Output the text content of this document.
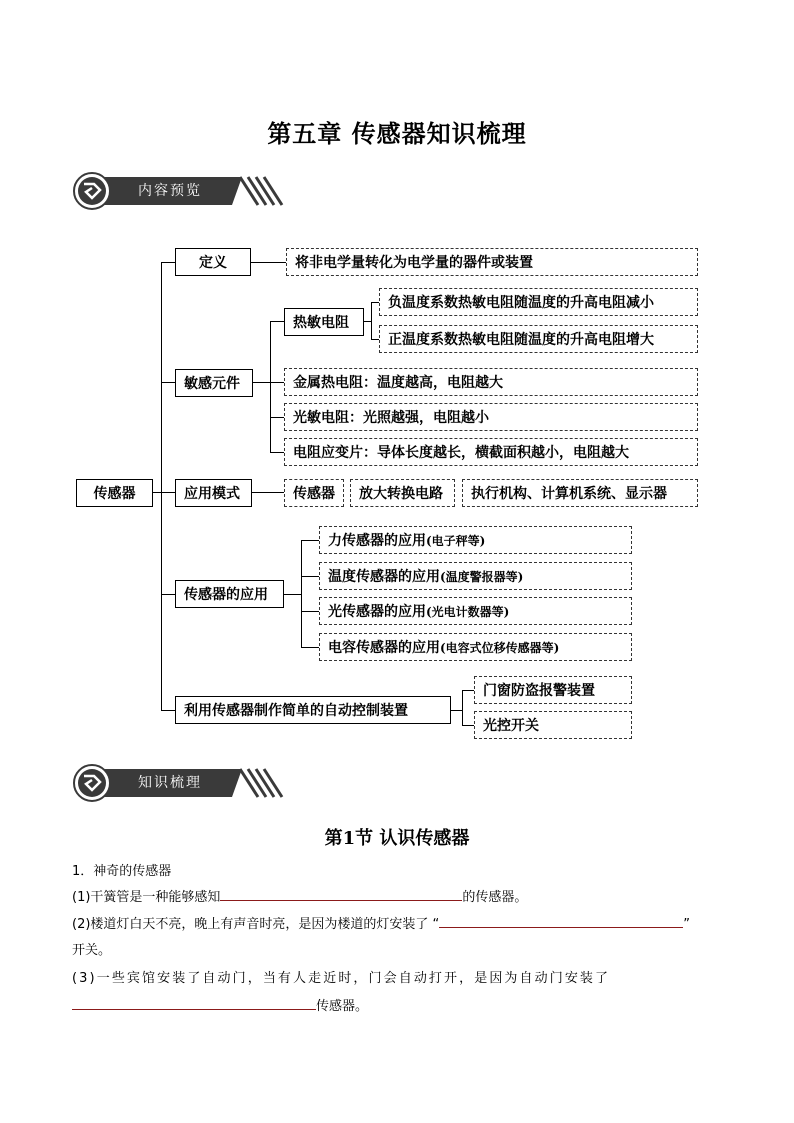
第五章 传感器知识梳理
内容预览
传感器
定义	将非电学量转化为电学量的器件或装置
敏感元件
热敏电阻
负温度系数热敏电阻随温度的升高电阻减小
正温度系数热敏电阻随温度的升高电阻增大
金属热电阻：温度越高，电阻越大
光敏电阻：光照越强，电阻越小
电阻应变片：导体长度越长，横截面积越小，电阻越大
应用模式	传感器	放大转换电路	执行机构、计算机系统、显示器
传感器的应用
力传感器的应用 (电子秤等)
温度传感器的应用 (温度警报器等)
光传感器的应用 (光电计数器等)
电容传感器的应用 (电容式位移传感器等)
利用传感器制作简单的自动控制装置
门窗防盗报警装置
光控开关
知识梳理
第1节 认识传感器
1．神奇的传感器
(1)干簧管是一种能够感知	的传感器。
(2)楼道灯白天不亮，晚上有声音时亮，是因为楼道的灯安装了 “	”
开关。
(3)一些宾馆安装了自动门，当有人走近时，门会自动打开，是因为自动门安装了
传感器。
